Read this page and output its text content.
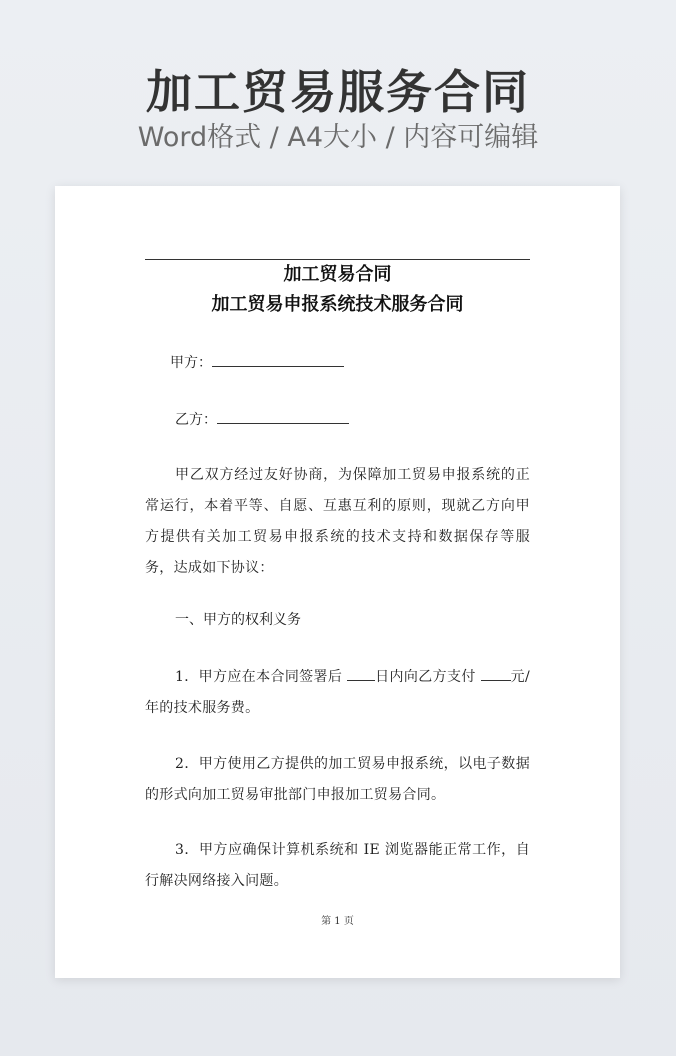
加工贸易服务合同
Word格式 / A4大小 / 内容可编辑
加工贸易合同
加工贸易申报系统技术服务合同
甲方：
乙方：
甲乙双方经过友好协商，为保障加工贸易申报系统的正常运行，本着平等、自愿、互惠互利的原则，现就乙方向甲方提供有关加工贸易申报系统的技术支持和数据保存等服务，达成如下协议：
一、甲方的权利义务
1．甲方应在本合同签署后 日内向乙方支付 元/年的技术服务费。
2．甲方使用乙方提供的加工贸易申报系统，以电子数据的形式向加工贸易审批部门申报加工贸易合同。
3．甲方应确保计算机系统和 IE 浏览器能正常工作，自行解决网络接入问题。
第 1 页
